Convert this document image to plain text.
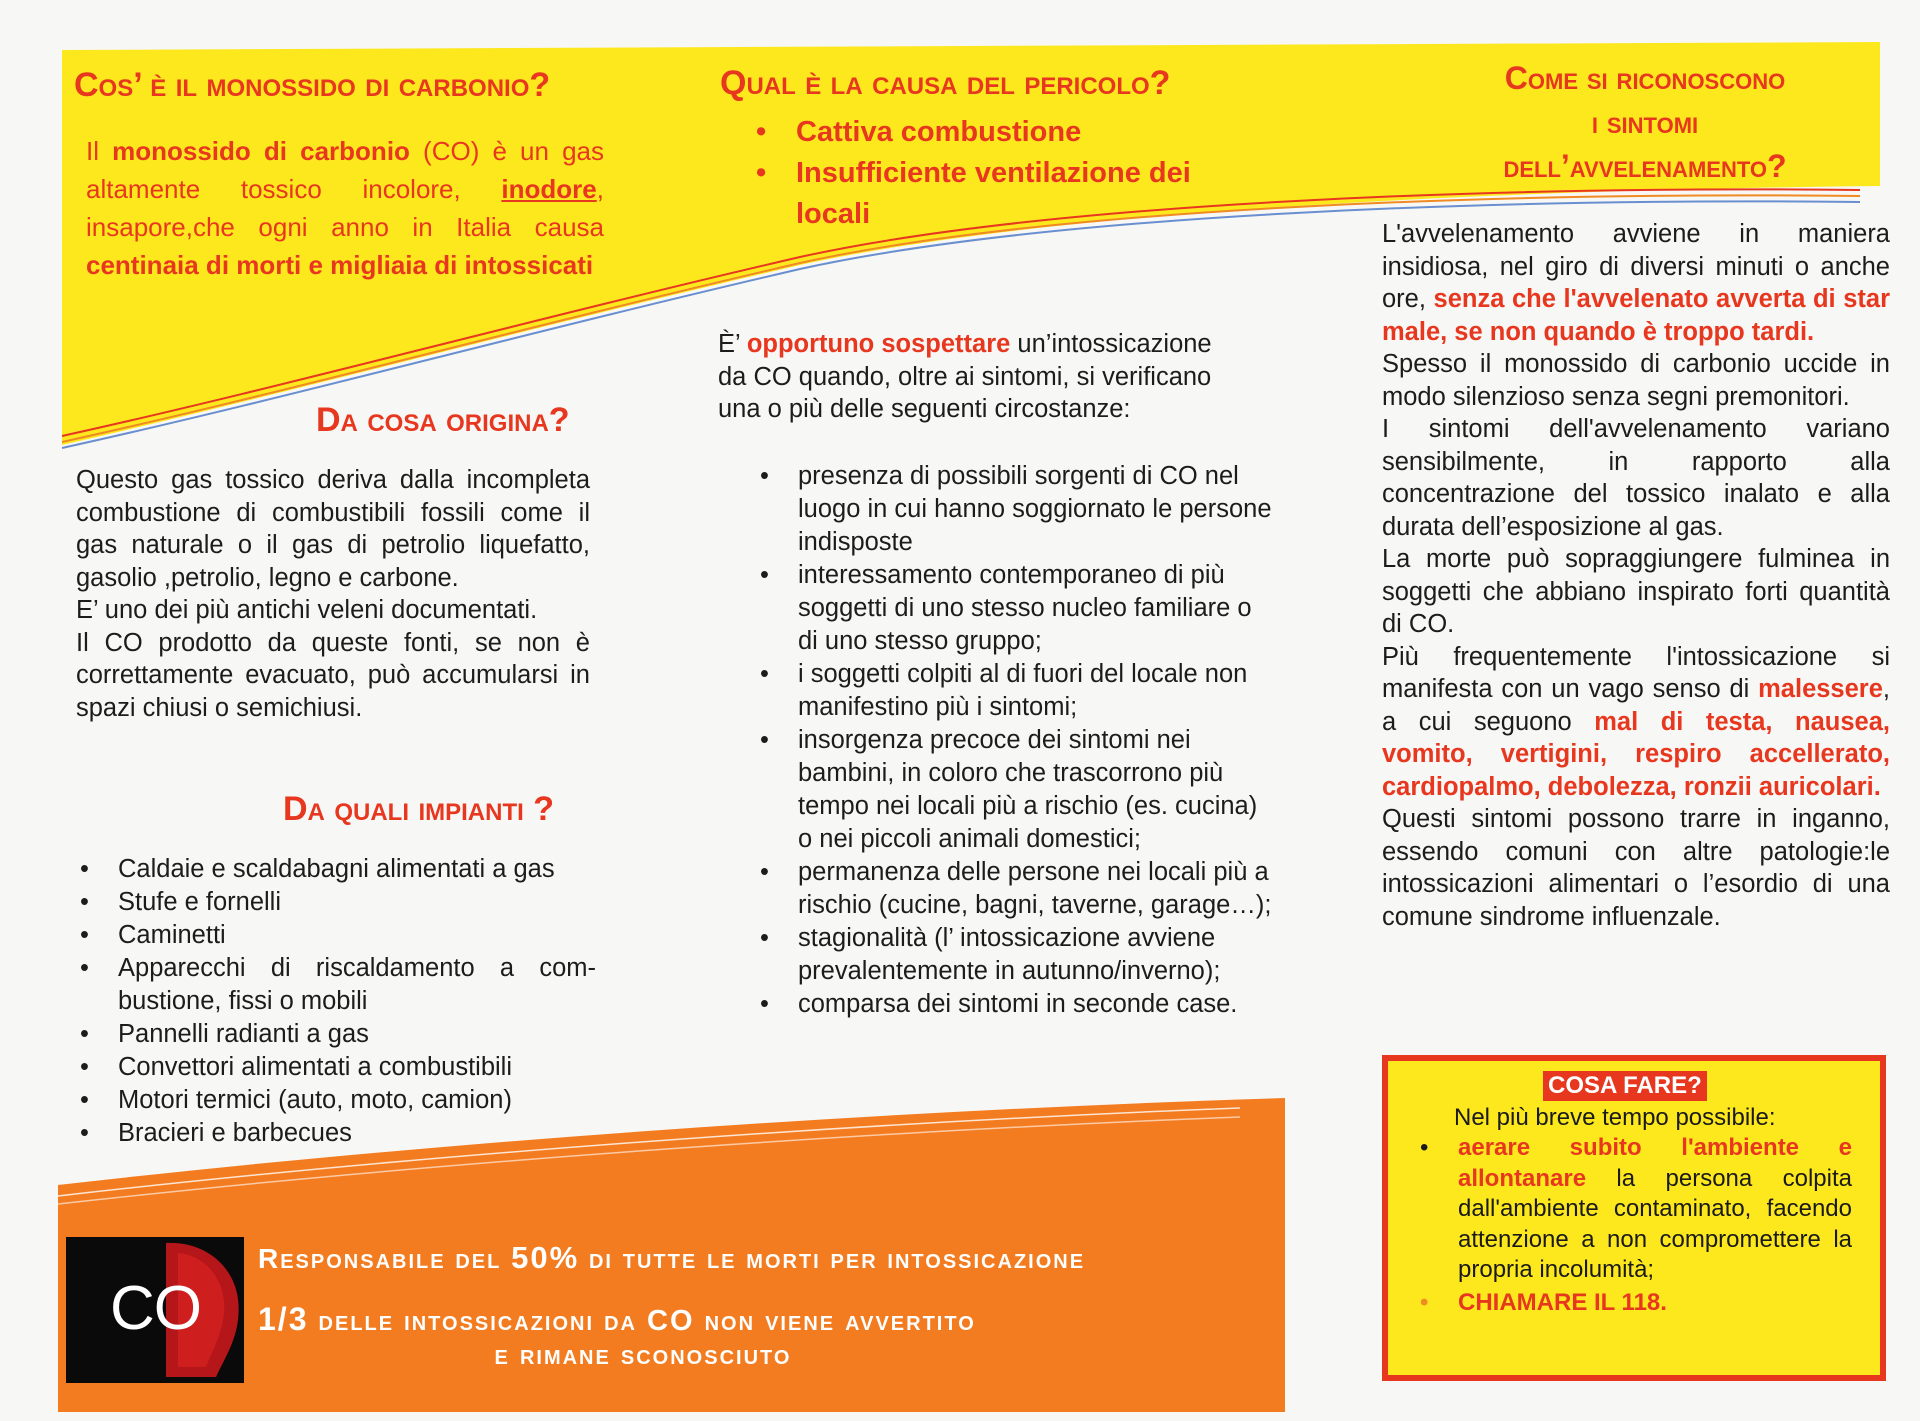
Cos’ è il monossido di carbonio?
Il monossido di carbonio (CO) è un gas altamente tossico incolore, inodore, insapore,che ogni anno in Italia causa centinaia di morti e migliaia di intossicati
Qual è la causa del pericolo?
• Cattiva combustione
• Insufficiente ventilazione dei locali
Come si riconoscono
i sintomi
dell’avvelenamento?
Da cosa origina?

Questo gas tossico deriva dalla incompleta combustione di combustibili fossili come il gas naturale o il gas di petrolio liquefatto, gasolio ,petrolio, legno e carbone.

E’ uno dei più antichi veleni documentati.

Il CO prodotto da queste fonti, se non è correttamente evacuato, può accumularsi in spazi chiusi o semichiusi.

Da quali impianti ?
• Caldaie e scaldabagni alimentati a gas
• Stufe e fornelli
• Caminetti
• Apparecchi di riscaldamento a com-bustione, fissi o mobili
• Pannelli radianti a gas
• Convettori alimentati a combustibili
• Motori termici (auto, moto, camion)
• Bracieri e barbecues
È’ opportuno sospettare un’intossicazione da CO quando, oltre ai sintomi, si verificano una o più delle seguenti circostanze:
• presenza di possibili sorgenti di CO nel luogo in cui hanno soggiornato le persone indisposte
• interessamento contemporaneo di più soggetti di uno stesso nucleo familiare o di uno stesso gruppo;
• i soggetti colpiti al di fuori del locale non manifestino più i sintomi;
• insorgenza precoce dei sintomi nei bambini, in coloro che trascorrono più tempo nei locali più a rischio (es. cucina) o nei piccoli animali domestici;
• permanenza delle persone nei locali più a rischio (cucine, bagni, taverne, garage…);
• stagionalità (l’ intossicazione avviene prevalentemente in autunno/inverno);
• comparsa dei sintomi in seconde case.

L'avvelenamento avviene in maniera insidiosa, nel giro di diversi minuti o anche ore, senza che l'avvelenato avverta di star male, se non quando è troppo tardi.

Spesso il monossido di carbonio uccide in modo silenzioso senza segni premonitori.

I sintomi dell'avvelenamento variano sensibilmente, in rapporto alla concentrazione del tossico inalato e alla durata dell’esposizione al gas.

La morte può sopraggiungere fulminea in soggetti che abbiano inspirato forti quantità di CO.

Più frequentemente l'intossicazione si manifesta con un vago senso di malessere, a cui seguono mal di testa, nausea, vomito, vertigini, respiro accellerato, cardiopalmo, debolezza, ronzii auricolari.

Questi sintomi possono trarre in inganno, essendo comuni con altre patologie:le intossicazioni alimentari o l’esordio di una comune sindrome influenzale.

COSA FARE?
Nel più breve tempo possibile:
• aerare subito l'ambiente e allontanare la persona colpita dall'ambiente contaminato, facendo attenzione a non compromettere la propria incolumità;
• CHIAMARE IL 118.
CO
Responsabile del 50% di tutte le morti per intossicazione
1/3 delle intossicazioni da CO non viene avvertito
e rimane sconosciuto
